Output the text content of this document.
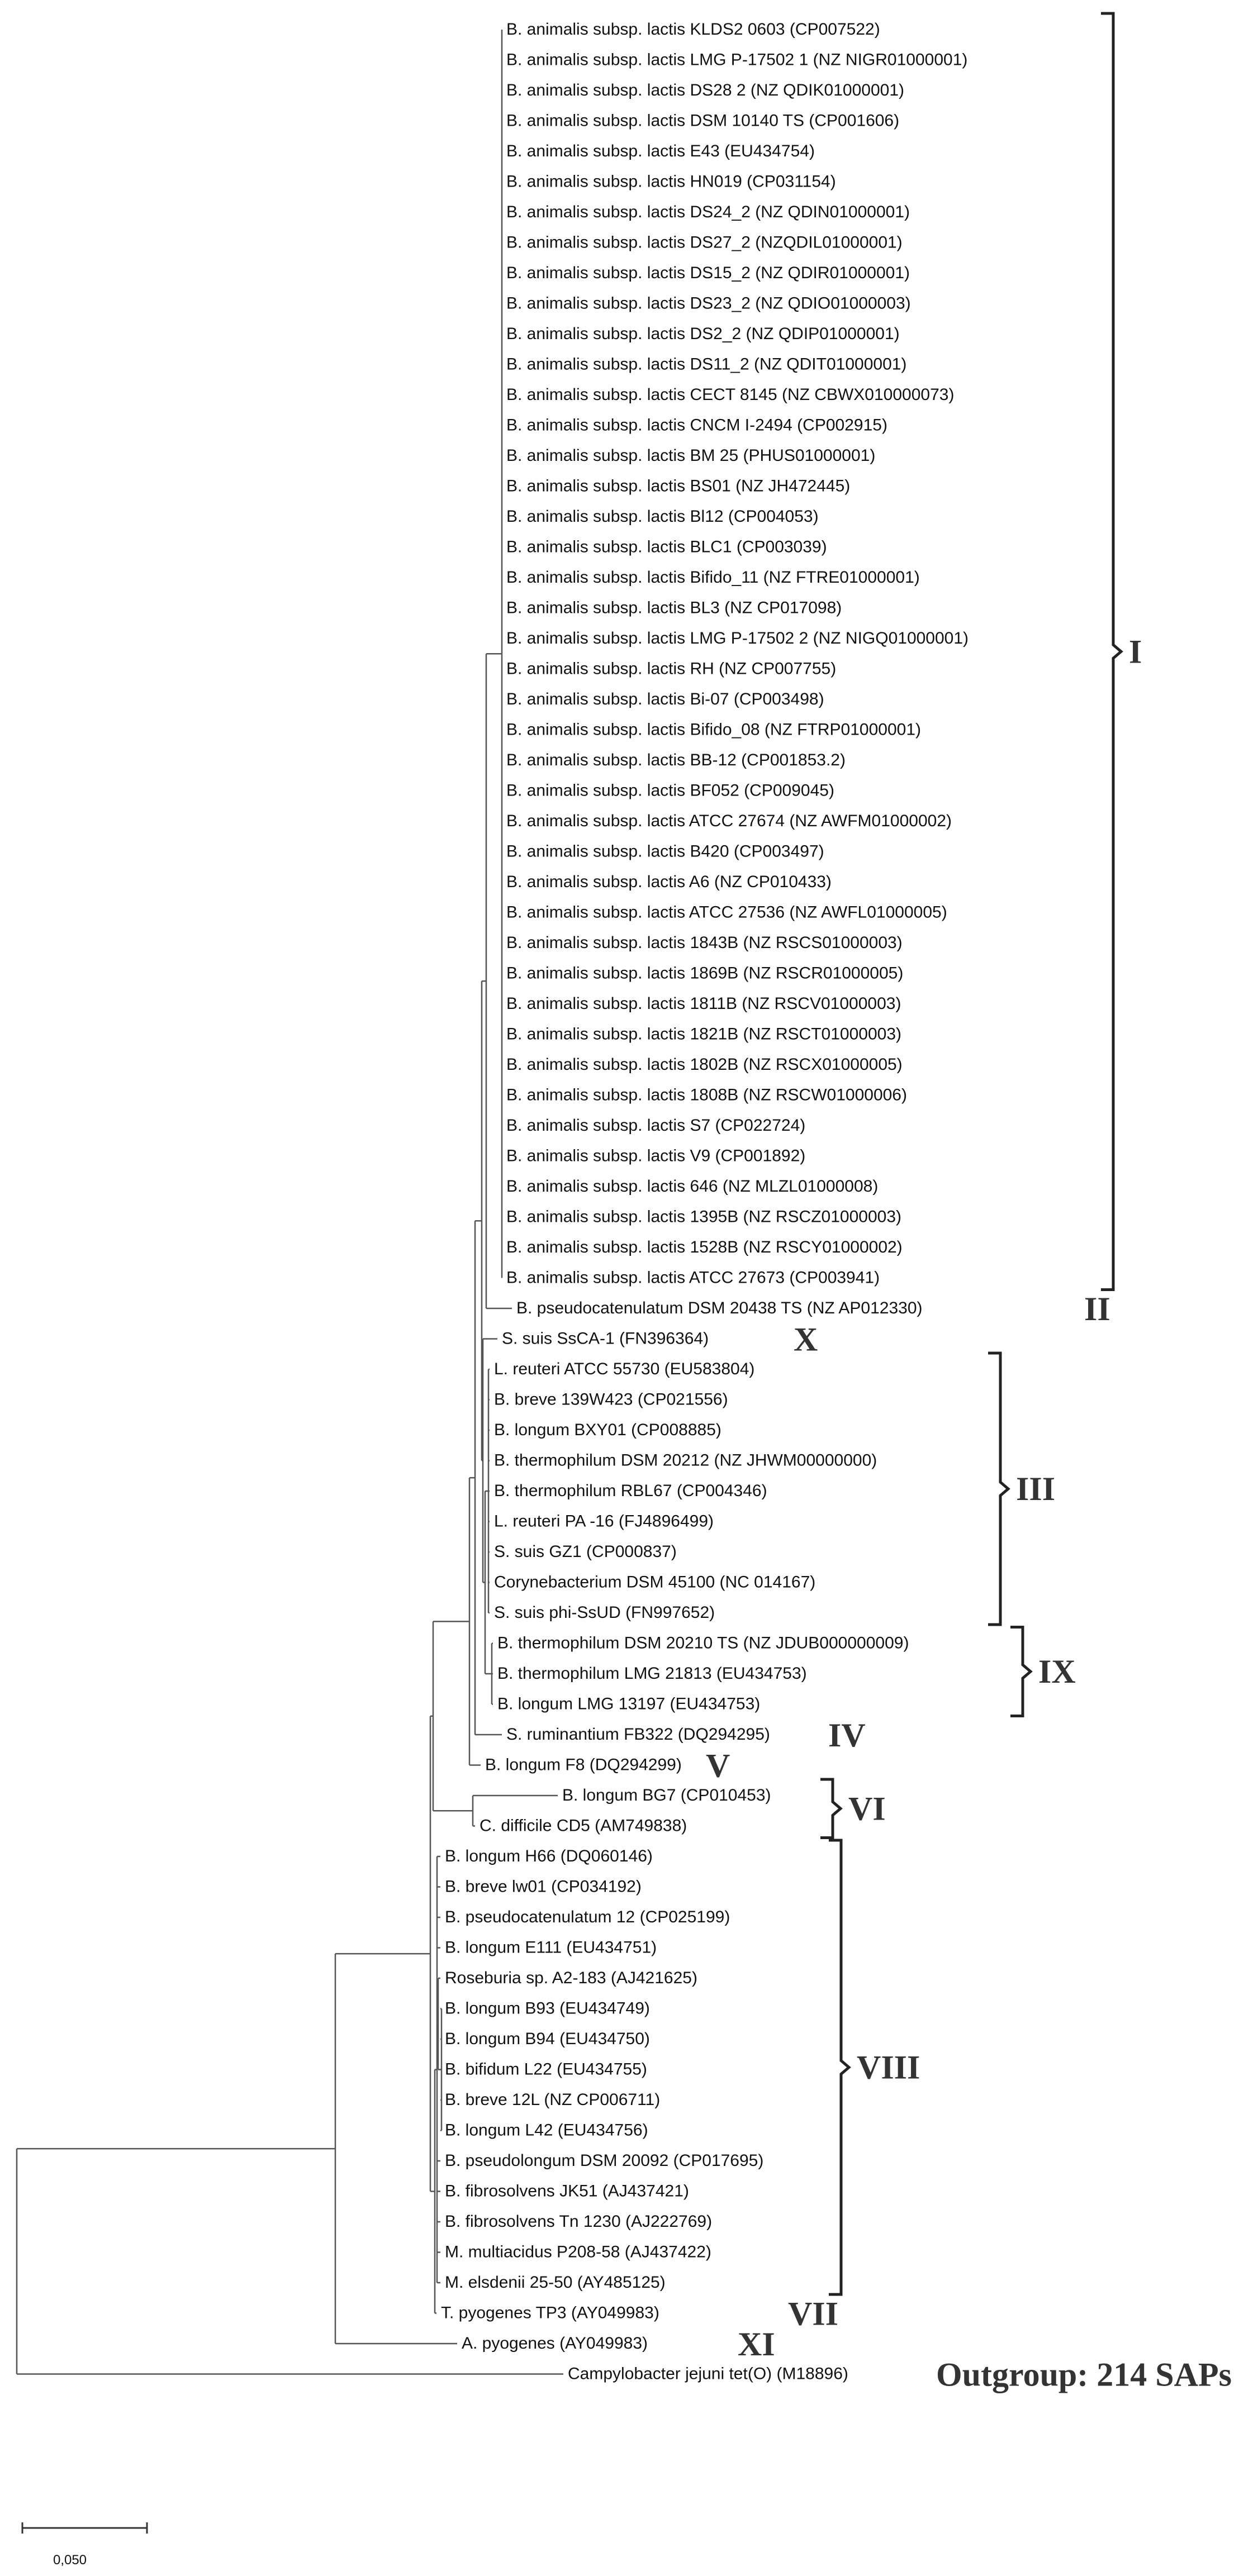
B. animalis subsp. lactis KLDS2 0603 (CP007522)
B. animalis subsp. lactis LMG P-17502 1 (NZ NIGR01000001)
B. animalis subsp. lactis DS28 2 (NZ QDIK01000001)
B. animalis subsp. lactis DSM 10140 TS (CP001606)
B. animalis subsp. lactis E43 (EU434754)
B. animalis subsp. lactis HN019 (CP031154)
B. animalis subsp. lactis DS24_2 (NZ QDIN01000001)
B. animalis subsp. lactis DS27_2 (NZQDIL01000001)
B. animalis subsp. lactis DS15_2 (NZ QDIR01000001)
B. animalis subsp. lactis DS23_2 (NZ QDIO01000003)
B. animalis subsp. lactis DS2_2 (NZ QDIP01000001)
B. animalis subsp. lactis DS11_2 (NZ QDIT01000001)
B. animalis subsp. lactis CECT 8145 (NZ CBWX010000073)
B. animalis subsp. lactis CNCM I-2494 (CP002915)
B. animalis subsp. lactis BM 25 (PHUS01000001)
B. animalis subsp. lactis BS01 (NZ JH472445)
B. animalis subsp. lactis Bl12 (CP004053)
B. animalis subsp. lactis BLC1 (CP003039)
B. animalis subsp. lactis Bifido_11 (NZ FTRE01000001)
B. animalis subsp. lactis BL3 (NZ CP017098)
B. animalis subsp. lactis LMG P-17502 2 (NZ NIGQ01000001)
B. animalis subsp. lactis RH (NZ CP007755)
B. animalis subsp. lactis Bi-07 (CP003498)
B. animalis subsp. lactis Bifido_08 (NZ FTRP01000001)
B. animalis subsp. lactis BB-12 (CP001853.2)
B. animalis subsp. lactis BF052 (CP009045)
B. animalis subsp. lactis ATCC 27674 (NZ AWFM01000002)
B. animalis subsp. lactis B420 (CP003497)
B. animalis subsp. lactis A6 (NZ CP010433)
B. animalis subsp. lactis ATCC 27536 (NZ AWFL01000005)
B. animalis subsp. lactis 1843B (NZ RSCS01000003)
B. animalis subsp. lactis 1869B (NZ RSCR01000005)
B. animalis subsp. lactis 1811B (NZ RSCV01000003)
B. animalis subsp. lactis 1821B (NZ RSCT01000003)
B. animalis subsp. lactis 1802B (NZ RSCX01000005)
B. animalis subsp. lactis 1808B (NZ RSCW01000006)
B. animalis subsp. lactis S7 (CP022724)
B. animalis subsp. lactis V9 (CP001892)
B. animalis subsp. lactis 646 (NZ MLZL01000008)
B. animalis subsp. lactis 1395B (NZ RSCZ01000003)
B. animalis subsp. lactis 1528B (NZ RSCY01000002)
B. animalis subsp. lactis ATCC 27673 (CP003941)
B. pseudocatenulatum DSM 20438 TS (NZ AP012330)
S. suis SsCA-1 (FN396364)
L. reuteri ATCC 55730 (EU583804)
B. breve 139W423 (CP021556)
B. longum BXY01 (CP008885)
B. thermophilum DSM 20212 (NZ JHWM00000000)
B. thermophilum RBL67 (CP004346)
L. reuteri PA -16 (FJ4896499)
S. suis GZ1 (CP000837)
Corynebacterium DSM 45100 (NC 014167)
S. suis phi-SsUD (FN997652)
B. thermophilum DSM 20210 TS (NZ JDUB000000009)
B. thermophilum LMG 21813 (EU434753)
B. longum LMG 13197 (EU434753)
S. ruminantium FB322 (DQ294295)
B. longum F8 (DQ294299)
B. longum BG7 (CP010453)
C. difficile CD5 (AM749838)
B. longum H66 (DQ060146)
B. breve lw01 (CP034192)
B. pseudocatenulatum 12 (CP025199)
B. longum E111 (EU434751)
Roseburia sp. A2-183 (AJ421625)
B. longum B93 (EU434749)
B. longum B94 (EU434750)
B. bifidum L22 (EU434755)
B. breve 12L (NZ CP006711)
B. longum L42 (EU434756)
B. pseudolongum DSM 20092 (CP017695)
B. fibrosolvens JK51 (AJ437421)
B. fibrosolvens Tn 1230 (AJ222769)
M. multiacidus P208-58 (AJ437422)
M. elsdenii 25-50 (AY485125)
T. pyogenes TP3 (AY049983)
A. pyogenes (AY049983)
Campylobacter jejuni tet(O) (M18896)
I
II
X
III
IX
IV
V
VI
VIII
VII
XI
Outgroup: 214 SAPs
0,050
